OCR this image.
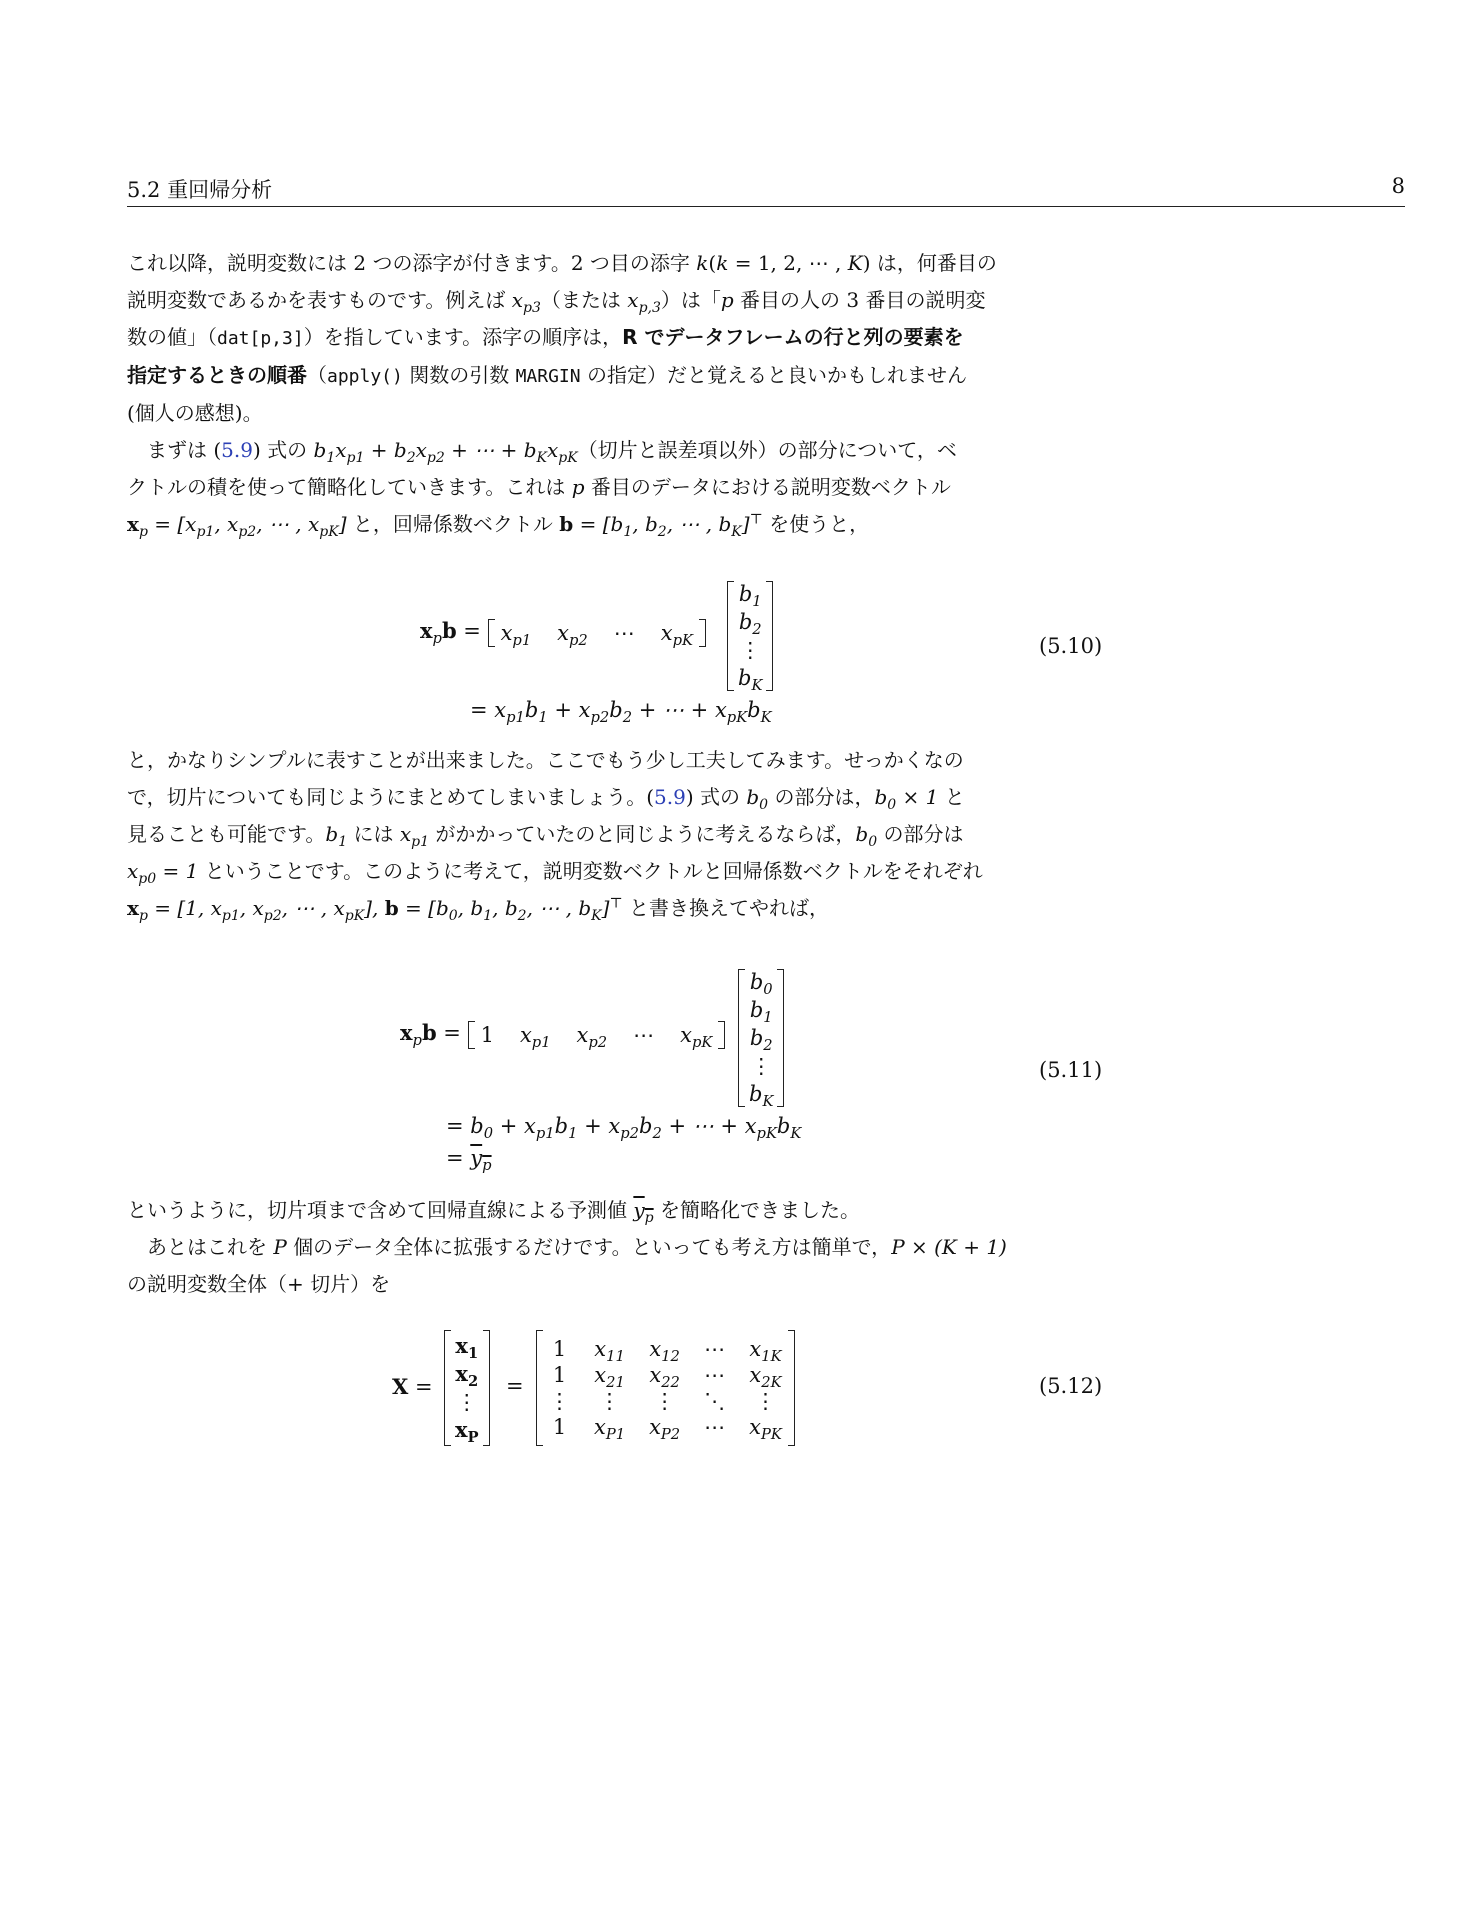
5.2 重回帰分析	8

これ以降，説明変数には 2 つの添字が付きます。2 つ目の添字 k(k = 1, 2, ⋯ , K) は，何番目の
説明変数であるかを表すものです。例えば $x_{p3}$（または $x_{p,3}$）は「p 番目の人の 3 番目の説明変
数の値」（dat[p,3]）を指しています。添字の順序は，R でデータフレームの行と列の要素を
指定するときの順番（apply() 関数の引数 MARGIN の指定）だと覚えると良いかもしれません
(個人の感想)。

まずは (5.9) 式の $b_1x_{p1} + b_2x_{p2}$ + ⋯ + $b_Kx_{pK}$（切片と誤差項以外）の部分について，ベ
クトルの積を使って簡略化していきます。これは p 番目のデータにおける説明変数ベクトル
$x_p = [x_{p1}$, $x_{p2}$, ⋯ , $x_{pK}$] と，回帰係数ベクトル $b = [b_1$, $b_2$, ⋯ , $b_K]^⊤$ を使うと，

$x_pb = x_{p1}$ $x_{p2}$ ⋯ $x_{pK}$
$b_1$
$b_2$
⋮
$b_K$
= $x_{p1}b_1 + x_{p2}b_2$ + ⋯ + $x_{pK}b_K$
(5.10)

と，かなりシンプルに表すことが出来ました。ここでもう少し工夫してみます。せっかくなの
で，切片についても同じようにまとめてしまいましょう。(5.9) 式の $b_0$ の部分は，$b_0 \times 1$ と
見ることも可能です。$b_1$ には $x_{p1}$ がかかっていたのと同じように考えるならば，$b_0$ の部分は
$x_{p0} = 1$ ということです。このように考えて，説明変数ベクトルと回帰係数ベクトルをそれぞれ
$x_p = [1$, $x_{p1}$, $x_{p2}$, ⋯ , $x_{pK}$], $b = [b_0$, $b_1$, $b_2$, ⋯ , $b_K]^⊤$ と書き換えてやれば，

$x_pb = 1$ $x_{p1}$ $x_{p2}$ ⋯ $x_{pK}$
$b_0$
$b_1$
$b_2$
⋮
$b_K$
= $b_0 + x_{p1}b_1 + x_{p2}b_2$ + ⋯ + $x_{pK}b_K$
= $y_p$
(5.11)

というように，切片項まで含めて回帰直線による予測値 $y_p$ を簡略化できました。

あとはこれを P 個のデータ全体に拡張するだけです。といっても考え方は簡単で，P × (K + 1)
の説明変数全体（+ 切片）を

X =
$x_1$
$x_2$
⋮
$x_P$
=
1 $x_{11}$ $x_{12}$ ⋯ $x_{1K}$
1 $x_{21}$ $x_{22}$ ⋯ $x_{2K}$
⋮ ⋮ ⋮ ⋱ ⋮
1 $x_{P1}$ $x_{P2}$ ⋯ $x_{PK}$
(5.12)
